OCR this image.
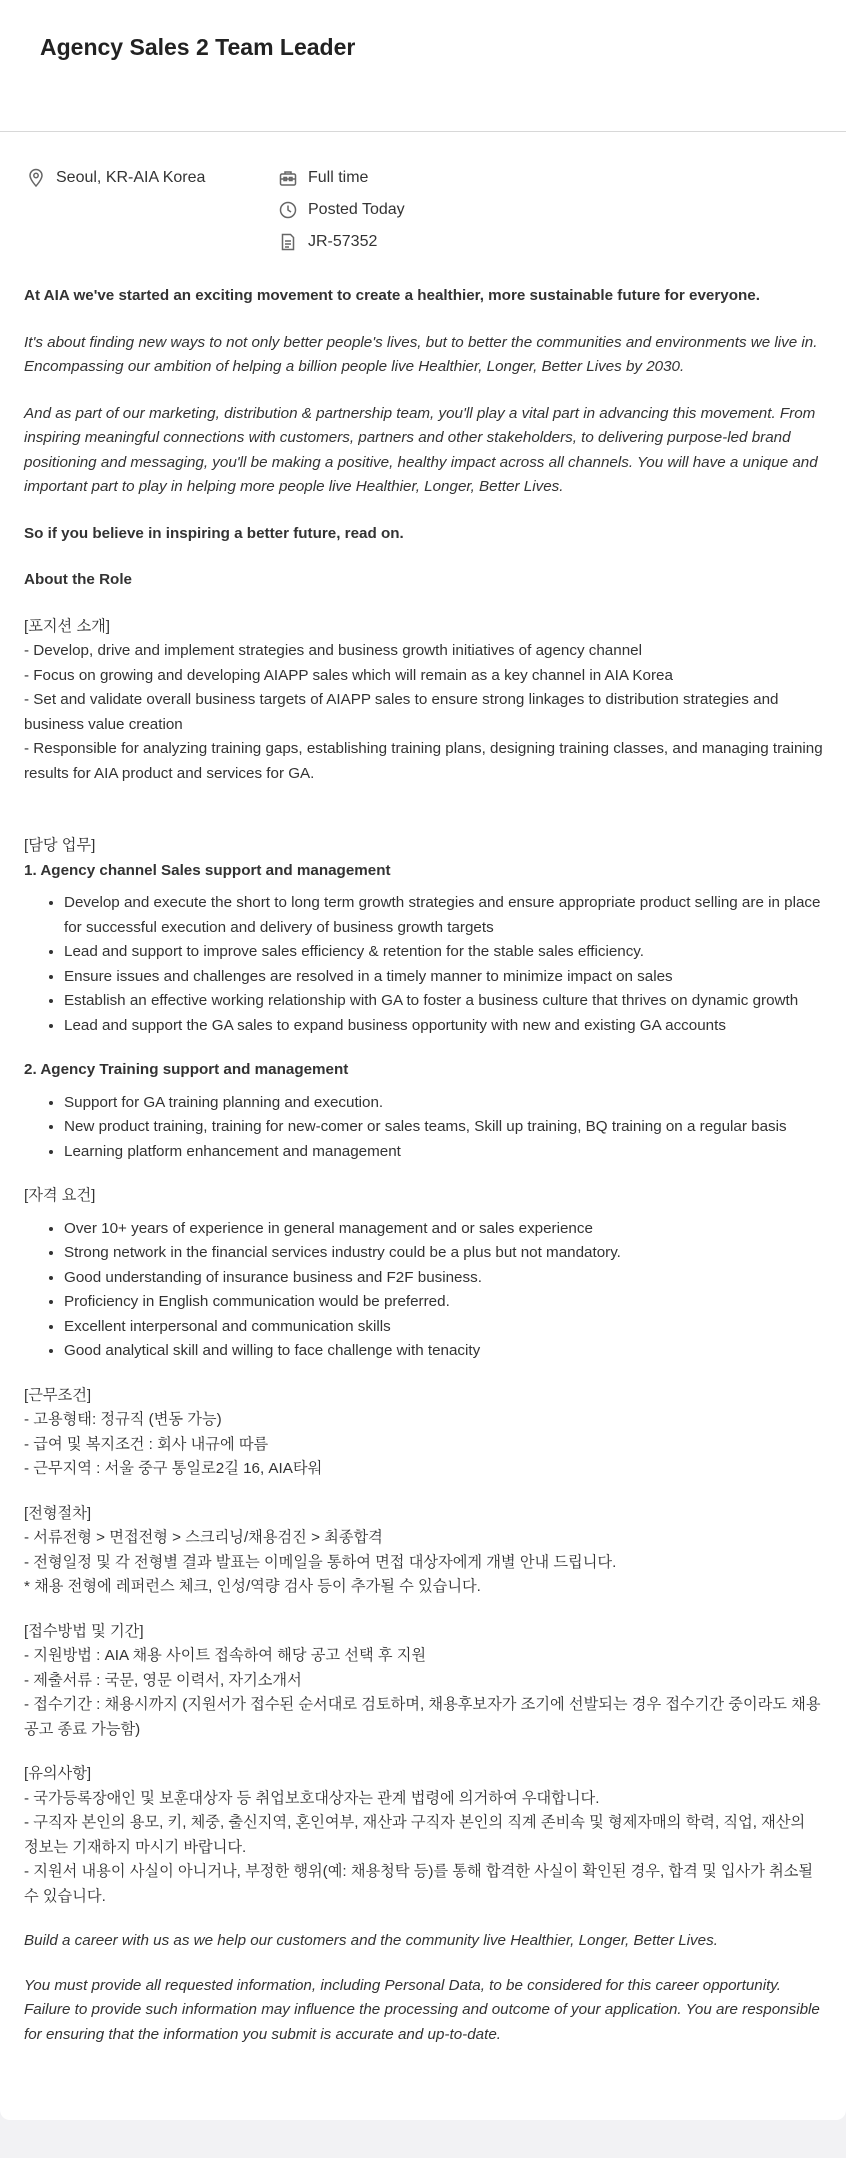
Agency Sales 2 Team Leader
Seoul, KR-AIA Korea	Full time
Posted Today
JR-57352

At AIA we've started an exciting movement to create a healthier, more sustainable future for everyone.

It's about finding new ways to not only better people's lives, but to better the communities and environments we live in. Encompassing our ambition of helping a billion people live Healthier, Longer, Better Lives by 2030.

And as part of our marketing, distribution & partnership team, you'll play a vital part in advancing this movement. From inspiring meaningful connections with customers, partners and other stakeholders, to delivering purpose-led brand positioning and messaging, you'll be making a positive, healthy impact across all channels. You will have a unique and important part to play in helping more people live Healthier, Longer, Better Lives.

So if you believe in inspiring a better future, read on.

About the Role

[포지션 소개]

- Develop, drive and implement strategies and business growth initiatives of agency channel

- Focus on growing and developing AIAPP sales which will remain as a key channel in AIA Korea

- Set and validate overall business targets of AIAPP sales to ensure strong linkages to distribution strategies and business value creation

- Responsible for analyzing training gaps, establishing training plans, designing training classes, and managing training results for AIA product and services for GA.

[담당 업무]

1. Agency channel Sales support and management

• Develop and execute the short to long term growth strategies and ensure appropriate product selling are in place for successful execution and delivery of business growth targets
• Lead and support to improve sales efficiency & retention for the stable sales efficiency.
• Ensure issues and challenges are resolved in a timely manner to minimize impact on sales
• Establish an effective working relationship with GA to foster a business culture that thrives on dynamic growth
• Lead and support the GA sales to expand business opportunity with new and existing GA accounts

2. Agency Training support and management

• Support for GA training planning and execution.
• New product training, training for new-comer or sales teams, Skill up training, BQ training on a regular basis
• Learning platform enhancement and management

[자격 요건]

• Over 10+ years of experience in general management and or sales experience
• Strong network in the financial services industry could be a plus but not mandatory.
• Good understanding of insurance business and F2F business.
• Proficiency in English communication would be preferred.
• Excellent interpersonal and communication skills
• Good analytical skill and willing to face challenge with tenacity

[근무조건]

- 고용형태: 정규직 (변동 가능)

- 급여 및 복지조건 : 회사 내규에 따름

- 근무지역 : 서울 중구 통일로2길 16, AIA타워

[전형절차]

- 서류전형 > 면접전형 > 스크리닝/채용검진 > 최종합격

- 전형일정 및 각 전형별 결과 발표는 이메일을 통하여 면접 대상자에게 개별 안내 드립니다.

* 채용 전형에 레퍼런스 체크, 인성/역량 검사 등이 추가될 수 있습니다.

[접수방법 및 기간]

- 지원방법 : AIA 채용 사이트 접속하여 해당 공고 선택 후 지원

- 제출서류 : 국문, 영문 이력서, 자기소개서

- 접수기간 : 채용시까지 (지원서가 접수된 순서대로 검토하며, 채용후보자가 조기에 선발되는 경우 접수기간 중이라도 채용 공고 종료 가능함)

[유의사항]

- 국가등록장애인 및 보훈대상자 등 취업보호대상자는 관계 법령에 의거하여 우대합니다.

- 구직자 본인의 용모, 키, 체중, 출신지역, 혼인여부, 재산과 구직자 본인의 직계 존비속 및 형제자매의 학력, 직업, 재산의 정보는 기재하지 마시기 바랍니다.

- 지원서 내용이 사실이 아니거나, 부정한 행위(예: 채용청탁 등)를 통해 합격한 사실이 확인된 경우, 합격 및 입사가 취소될 수 있습니다.

Build a career with us as we help our customers and the community live Healthier, Longer, Better Lives.

You must provide all requested information, including Personal Data, to be considered for this career opportunity. Failure to provide such information may influence the processing and outcome of your application. You are responsible for ensuring that the information you submit is accurate and up-to-date.
